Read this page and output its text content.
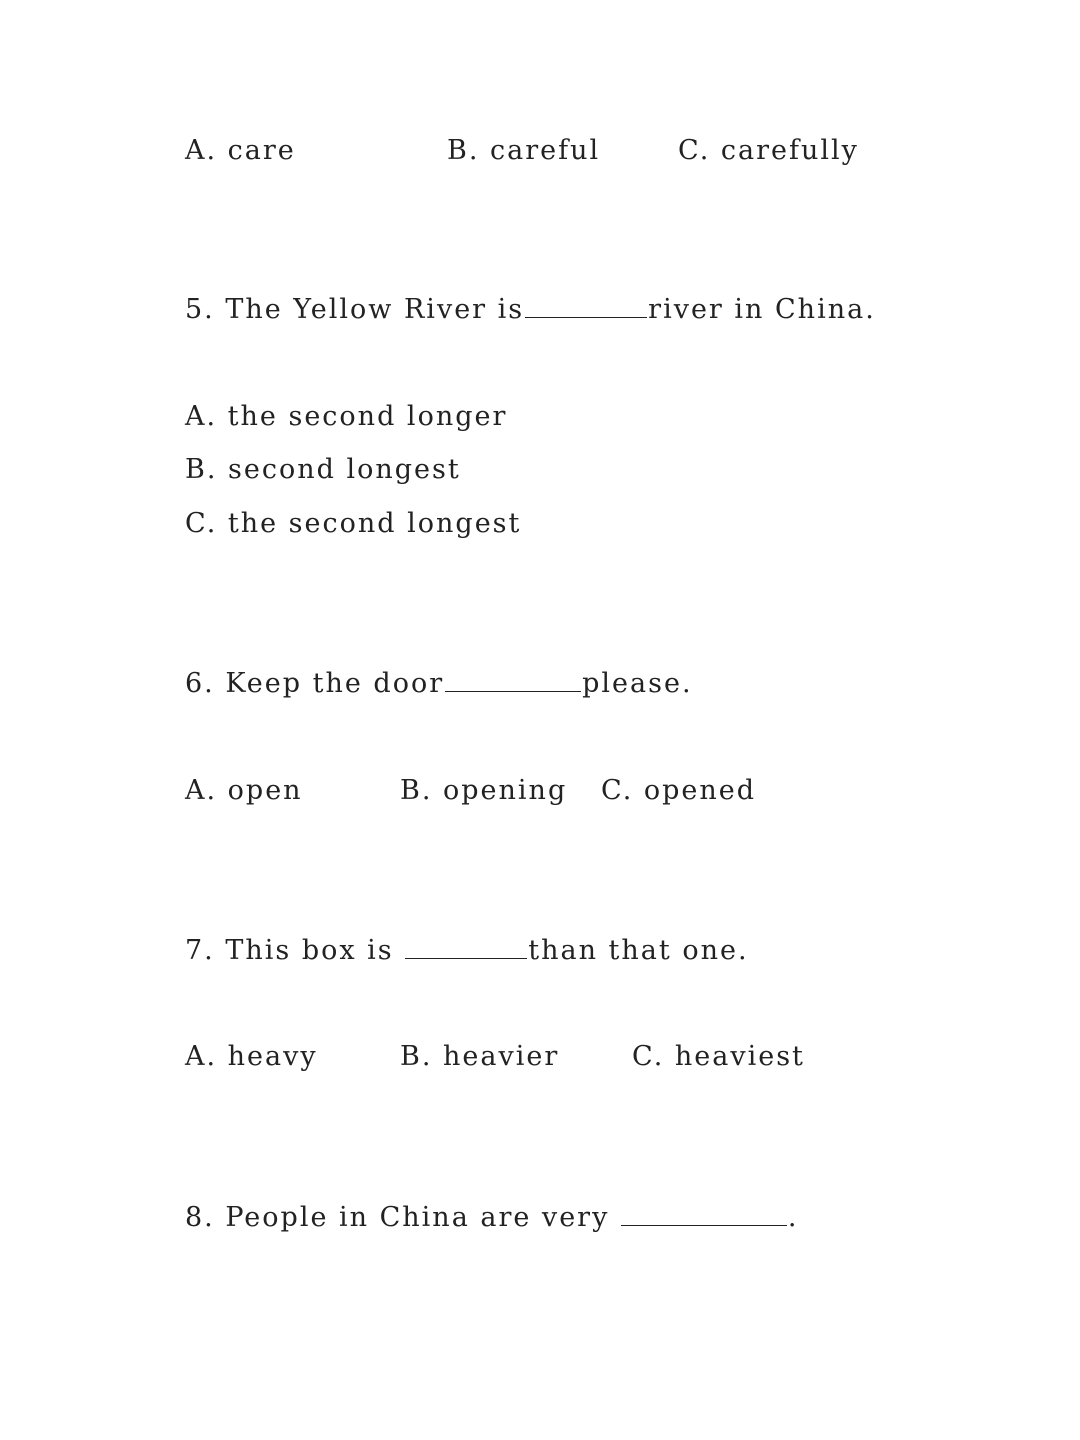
A. care	B. careful	C. carefully
5. The Yellow River is	river in China.
A. the second longer
B. second longest
C. the second longest
6. Keep the door	please.
A. open	B. opening C. opened
7. This box is	than that one.
A. heavy	B. heavier	C. heaviest
8. People in China are very	.
